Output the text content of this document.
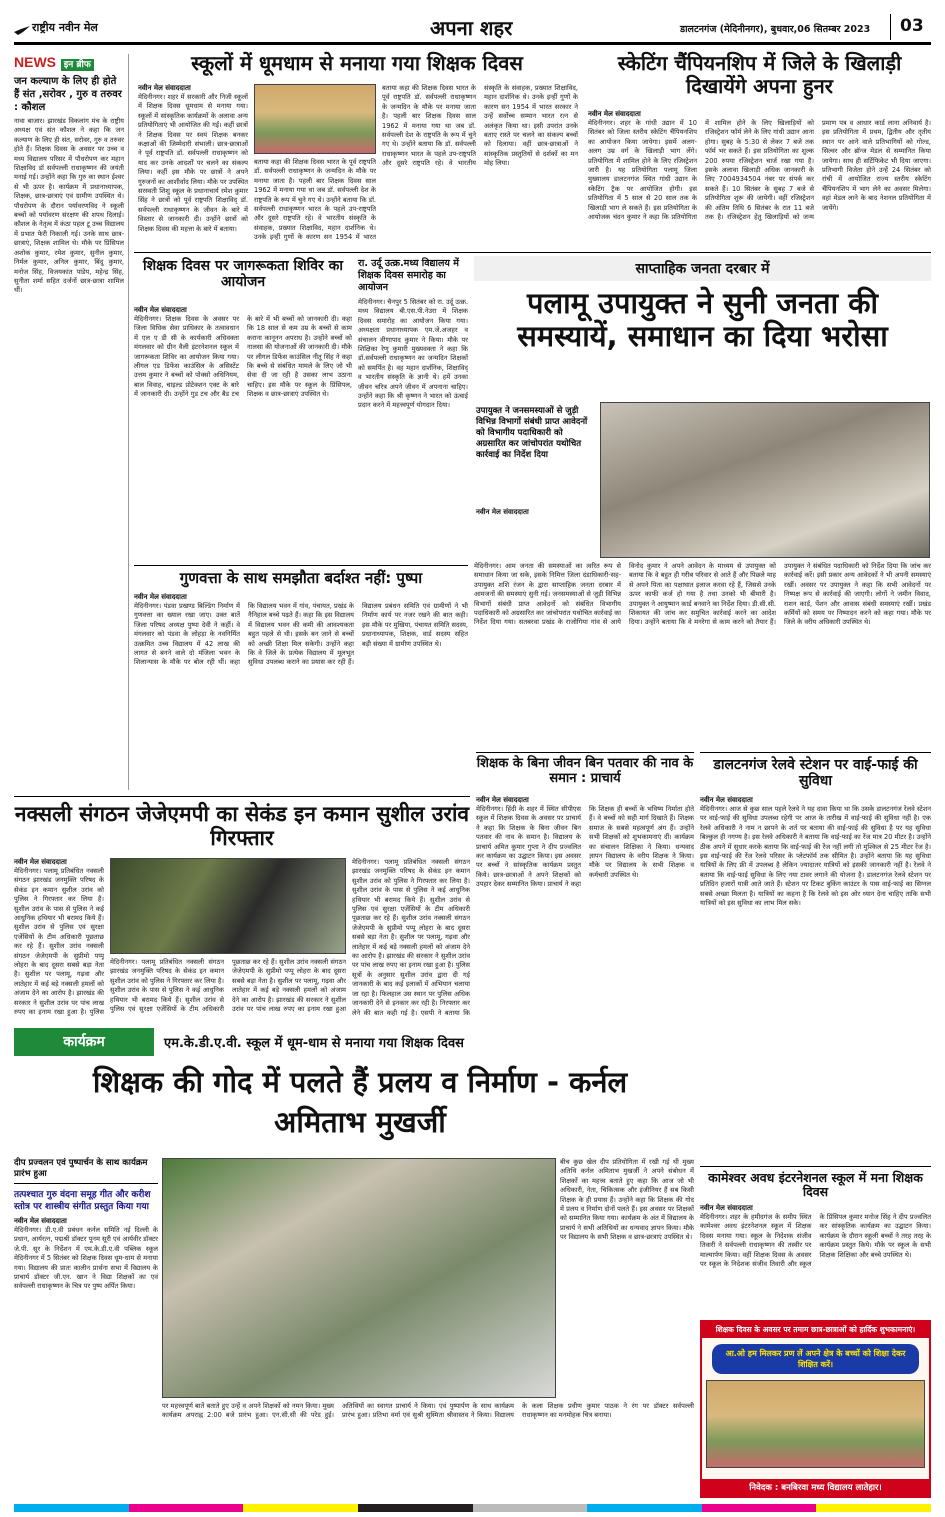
राष्ट्रीय नवीन मेल	अपना शहर	डालटनगंज (मेदिनीनगर), बुधवार,06 सितम्बर 2023 03
NEWS इन ब्रीफ
जन कल्याण के लिए ही होते हैं संत ,सरोवर , गुरु व तरुवर : कौशल
नावा बाजार। झारखंड विकलांग मंच के राष्ट्रीय अध्यक्ष एवं संत कौशल ने कहा कि जन कल्याण के लिए ही संत, सरोवर, गुरु व तरुवर होते हैं। शिक्षक दिवस के अवसर पर उच्च व मध्य विद्यालय परिसर में पौधरोपण कर महान शिक्षाविद डॉ सर्वपल्ली राधाकृष्णन की जयंती मनाई गई। उन्होंने कहा कि गुरु का स्थान ईश्वर से भी ऊपर है। कार्यक्रम में प्रधानाध्यापक, शिक्षक, छात्र-छात्राएं एवं ग्रामीण उपस्थित थे। पौधरोपण के दौरान पर्यावरणविद ने स्कूली बच्चों को पर्यावरण संरक्षण की शपथ दिलाई। कौशल के नेतृत्व में कंठा पहल टू उच्च विद्यालय में प्रभात फेरी निकाली गई। उनके साथ छात्र-छात्राएं, शिक्षक शामिल थे। मौके पर प्रिंसिपल अशोक कुमार, रमेश कुमार, सुनील कुमार, निर्मल कुमार, अनिल कुमार, बिंदु कुमार, मनोज सिंह, विजयकांत पांडेय, महेन्द्र सिंह, सुनीता शर्मा सहित दर्जनों छात्र-छात्रा शामिल थीं।
स्कूलों में धूमधाम से मनाया गया शिक्षक दिवस
नवीन मेल संवाददाता
मेदिनीनगर। शहर में सरकारी और निजी स्कूलों में शिक्षक दिवस धूमधाम से मनाया गया। स्कूलों में सांस्कृतिक कार्यक्रमों के अलावा अन्य प्रतियोगिताएं भी आयोजित की गईं। कहीं छात्रों ने शिक्षक दिवस पर स्वयं शिक्षक बनकर कक्षाओं की जिम्मेदारी संभाली। छात्र-छात्राओं ने पूर्व राष्ट्रपति डॉ. सर्वपल्ली राधाकृष्णन को याद कर उनके आदर्शों पर चलने का संकल्प लिया। कहीं इस मौके पर छात्रों ने अपने गुरुजनों का आशीर्वाद लिया। मौके पर उपस्थित सरस्वती शिशु स्कूल के प्रधानाचार्य रमेश कुमार सिंह ने छात्रों को पूर्व राष्ट्रपति शिक्षाविद् डॉ. सर्वपल्ली राधाकृष्णन के जीवन के बारे में विस्तार से जानकारी दी। उन्होंने छात्रों को शिक्षक दिवस की महत्ता के बारे में बताया।
बताया कहा की शिक्षक दिवस भारत के पूर्व राष्ट्रपति डॉ. सर्वपल्ली राधाकृष्णन के जन्मदिन के मौके पर मनाया जाता है। पहली बार शिक्षक दिवस साल 1962 में मनाया गया था जब डॉ. सर्वपल्ली देश के राष्ट्रपति के रूप में चुने गए थे। उन्होंने बताया कि डॉ. सर्वपल्ली राधाकृष्णन भारत के पहले उप-राष्ट्रपति और दूसरे राष्ट्रपति रहे। वे भारतीय संस्कृति के संवाहक, प्रख्यात शिक्षाविद, महान दार्शनिक थे। उनके इन्हीं गुणों के कारण सन 1954 में भारत
बताया कहा की शिक्षक दिवस भारत के पूर्व राष्ट्रपति डॉ. सर्वपल्ली राधाकृष्णन के जन्मदिन के मौके पर मनाया जाता है। पहली बार शिक्षक दिवस साल 1962 में मनाया गया था जब डॉ. सर्वपल्ली देश के राष्ट्रपति के रूप में चुने गए थे। उन्होंने बताया कि डॉ. सर्वपल्ली राधाकृष्णन भारत के पहले उप-राष्ट्रपति और दूसरे राष्ट्रपति रहे। वे भारतीय संस्कृति के संवाहक, प्रख्यात शिक्षाविद, महान दार्शनिक थे। उनके इन्हीं गुणों के कारण सन 1954 में भारत सरकार ने उन्हें सर्वोच्च सम्मान भारत रत्न से अलंकृत किया था। इसी उपरांत उनके बताए रास्ते पर चलने का संकल्प बच्चों को दिलाया। वहीं छात्र-छात्राओं ने सांस्कृतिक प्रस्तुतियों से दर्शकों का मन मोह लिया।
स्केटिंग चैंपियनशिप में जिले के खिलाड़ी दिखायेंगे अपना हुनर
नवीन मेल संवाददाता
मेदिनीनगर। शहर के गांधी उद्यान में 10 सितंबर को जिला स्तरीय स्केटिंग चैंपियनशिप का आयोजन किया जायेगा। इसमें अलग-अलग उम्र वर्ग के खिलाड़ी भाग लेंगे। प्रतियोगिता में शामिल होने के लिए रजिस्ट्रेशन जारी है। यह प्रतियोगिता पलामू जिला मुख्यालय डालटनगंज स्थित गांधी उद्यान के स्केटिंग ट्रैक पर आयोजित होगी। इस प्रतियोगिता में 5 साल से 20 साल तक के खिलाड़ी भाग ले सकते हैं। इस प्रतियोगिता के आयोजक चंदन कुमार ने कहा कि प्रतियोगिता में शामिल होने के लिए खिलाड़ियों को रजिस्ट्रेशन फॉर्म लेने के लिए गांधी उद्यान आना होगा। सुबह के 5:30 से लेकर 7 बजे तक फॉर्म भर सकते हैं। इस प्रतियोगिता का शुल्क 200 रुपया रजिस्ट्रेशन चार्ज रखा गया है। इसके अलावा खिलाड़ी अधिक जानकारी के लिए 7004934504 नंबर पर संपर्क कर सकते हैं। 10 सितंबर के सुबह 7 बजे से प्रतियोगिता शुरू की जायेगी। वहीं रजिस्ट्रेशन की अंतिम तिथि 6 सितंबर के रात 11 बजे तक है। रजिस्ट्रेशन हेतु खिलाड़ियों को जन्म प्रमाण पत्र व आधार कार्ड लाना अनिवार्य है। इस प्रतियोगिता में प्रथम, द्वितीय और तृतीय स्थान पर आने वाले प्रतिभागियों को गोल्ड, सिल्वर और ब्रॉन्ज मेडल से सम्मानित किया जायेगा। साथ ही सर्टिफिकेट भी दिया जाएगा। प्रतिभागी विजेता होने उन्हें 24 सितंबर को रांची में आयोजित राज्य स्तरीय स्केटिंग चैंपियनशिप में भाग लेने का अवसर मिलेगा। वहां मेडल लाने के बाद नेशनल प्रतियोगिता में जायेंगे।
शिक्षक दिवस पर जागरूकता शिविर का आयोजन
नवीन मेल संवाददाता
मेदिनीनगर। शिक्षक दिवस के अवसर पर जिला विधिक सेवा प्राधिकार के तत्वावधान में एल ए डी सी के कार्यकारी अधिवक्ता मंगलवार को ग्रीन वैली इंटरनेशनल स्कूल में जागरूकता शिविर का आयोजन किया गया। लीगल एड डिफेंस काउंसिल के असिस्टेंट उत्तम कुमार ने बच्चों को पोक्सो अधिनियम, बाल विवाह, चाइल्ड प्रोटेक्शन एक्ट के बारे में जानकारी दी। उन्होंने गुड टच और बैड टच के बारे में भी बच्चों को जानकारी दी। कहा कि 18 साल से कम उम्र के बच्चों से काम कराना कानूनन अपराध है। उन्होंने बच्चों को नालसा की योजनाओं की जानकारी दी। मौके पर लीगल डिफेंस काउंसिल नीतू सिंह ने कहा कि बच्चे से संबंधित मामले के लिए जो भी सेवा दी जा रही है उसका लाभ उठाना चाहिए। इस मौके पर स्कूल के प्रिंसिपल, शिक्षक व छात्र-छात्राएं उपस्थित थे।
रा. उर्दू उत्क्र.मध्य विद्यालय में शिक्षक दिवस समारोह का आयोजन
मेदिनीनगर। चैनपुर 5 सितंबर को रा. उर्दू उत्क्र. मध्य विद्यालय बी.एस.पी.नेउरा में शिक्षक दिवस समारोह का आयोजन किया गया। अध्यक्षता प्रधानाध्यापक एम.जे.अजहर व संचालन वीणापाद कुमार ने किया। मौके पर शिक्षिका रेणु कुमारी मुख्यवक्ता ने कहा कि डॉ.सर्वपल्ली राधाकृष्णन का जन्मदिन शिक्षकों को समर्पित है। वह महान दार्शनिक, शिक्षाविद् व भारतीय संस्कृति के ज्ञानी थे। हमें उनका जीवन चरित्र अपने जीवन में अपनाना चाहिए। उन्होंने कहा कि श्री कृष्णन ने भारत को ऊंचाई प्रदान करने में महत्त्वपूर्ण योगदान दिया।
साप्ताहिक जनता दरबार में
पलामू उपायुक्त ने सुनी जनता की समस्यायें, समाधान का दिया भरोसा
उपायुक्त ने जनसमस्याओं से जुड़ी विभिन्न विभागों संबंधी प्राप्त आवेदनों को विभागीय पदाधिकारी को अग्रसारित कर जांचोपरांत यथोचित कार्रवाई का निर्देश दिया
नवीन मेल संवाददाता
मेदिनीनगर। आम जनता की समस्याओं का त्वरित रूप से समाधान किया जा सके, इसके निमित्त जिला दंडाधिकारी-सह- उपायुक्त शशि रंजन के द्वारा साप्ताहिक जनता दरबार में आमजनों की समस्याएं सुनी गई। जनसमस्याओं से जुड़ी विभिन्न विभागों संबंधी प्राप्त आवेदनों को संबंधित विभागीय पदाधिकारी को अग्रसारित कर जांचोपरांत यथोचित कार्रवाई का निर्देश दिया गया। सतबरवा प्रखंड के राजोगिया गांव से आये विनोद कुमार ने अपने आवेदन के माध्यम से उपायुक्त को बताया कि वे बहुत ही गरीब परिवार से आते हैं और पिछले माह से अपने पिता का पक्षाघात इलाज करवा रहे हैं, जिससे उनके ऊपर काफी कर्ज हो गया है तथा उनको भी बीमारी है। उपायुक्त ने आयुष्मान कार्ड बनवाने का निर्देश दिया। डी.सी.सी. शिकायत की जांच कर समुचित कार्रवाई करने का आदेश दिया। उन्होंने बताया कि वे मनरेगा से काम करने को तैयार हैं। उपायुक्त ने संबंधित पदाधिकारी को निर्देश दिया कि जांच कर कार्रवाई करें। इसी प्रकार अन्य आवेदकों ने भी अपनी समस्याएं रखीं। अवसर पर उपायुक्त ने कहा कि सभी आवेदनों पर निष्पक्ष रूप से कार्रवाई की जाएगी। लोगों ने जमीन विवाद, राशन कार्ड, पेंशन और आवास संबंधी समस्याएं रखीं। प्रखंड कर्मियों को समय पर निष्पादन करने को कहा गया। मौके पर जिले के वरीय अधिकारी उपस्थित थे।
गुणवत्ता के साथ समझौता बर्दाश्त नहीं: पुष्पा
नवीन मेल संवाददाता
मेदिनीनगर। पंडवा प्रखण्ड बिल्डिंग निर्माण में गुणवत्ता का ख्याल रखा जाए। उक्त बातें जिला परिषद अध्यक्ष पुष्पा देवी ने कहीं। वे मंगलवार को पंडवा के लोहड़ा के नवनिर्मित उत्क्रमित उच्च विद्यालय में 42 लाख की लागत से बनने वाले दो मंजिला भवन के शिलान्यास के मौके पर बोल रही थीं। कहा कि विद्यालय भवन में गांव, पंचायत, प्रखंड के नैनिहाल बच्चे पढ़ते हैं। कहा कि इस विद्यालय में विद्यालय भवन की कमी की आवश्यकता बहुत पहले से थी। इसके बन जाने से बच्चों को अच्छी शिक्षा मिल सकेगी। उन्होंने कहा कि वे जिले के प्रत्येक विद्यालय में मूलभूत सुविधा उपलब्ध कराने का प्रयास कर रही हैं। विद्यालय प्रबंधन समिति एवं ग्रामीणों ने भी निर्माण कार्य पर नजर रखने की बात कही। इस मौके पर मुखिया, पंचायत समिति सदस्य, प्रधानाध्यापक, शिक्षक, वार्ड सदस्य सहित बड़ी संख्या में ग्रामीण उपस्थित थे।
नक्सली संगठन जेजेएमपी का सेकंड इन कमान सुशील उरांव गिरफ्तार
नवीन मेल संवाददाता
मेदिनीनगर। पलामू प्रतिबंधित नक्सली संगठन झारखंड जनमुक्ति परिषद के सेकंड इन कमान सुशील उरांव को पुलिस ने गिरफ्तार कर लिया है। सुशील उरांव के पास से पुलिस ने कई आधुनिक हथियार भी बरामद किये हैं। सुशील उरांव से पुलिस एवं सुरक्षा एजेंसियों के टीम अधिकारी पूछताछ कर रहे हैं। सुशील उरांव नक्सली संगठन जेजेएमपी के सुप्रीमो पप्पू लोहरा के बाद दूसरा सबसे बड़ा नेता है। सुशील पर पलामू, गढ़वा और लातेहार में कई बड़े नक्सली हमलों को अंजाम देने का आरोप है। झारखंड की सरकार ने सुशील उरांव पर पांच लाख रुपए का इनाम रखा हुआ है। पुलिस
मेदिनीनगर। पलामू प्रतिबंधित नक्सली संगठन झारखंड जनमुक्ति परिषद के सेकंड इन कमान सुशील उरांव को पुलिस ने गिरफ्तार कर लिया है। सुशील उरांव के पास से पुलिस ने कई आधुनिक हथियार भी बरामद किये हैं। सुशील उरांव से पुलिस एवं सुरक्षा एजेंसियों के टीम अधिकारी पूछताछ कर रहे हैं। सुशील उरांव नक्सली संगठन जेजेएमपी के सुप्रीमो पप्पू लोहरा के बाद दूसरा सबसे बड़ा नेता है। सुशील पर पलामू, गढ़वा और लातेहार में कई बड़े नक्सली हमलों को अंजाम देने का आरोप है। झारखंड की सरकार ने सुशील उरांव पर पांच लाख रुपए का इनाम रखा हुआ
मेदिनीनगर। पलामू प्रतिबंधित नक्सली संगठन झारखंड जनमुक्ति परिषद के सेकंड इन कमान सुशील उरांव को पुलिस ने गिरफ्तार कर लिया है। सुशील उरांव के पास से पुलिस ने कई आधुनिक हथियार भी बरामद किये हैं। सुशील उरांव से पुलिस एवं सुरक्षा एजेंसियों के टीम अधिकारी पूछताछ कर रहे हैं। सुशील उरांव नक्सली संगठन जेजेएमपी के सुप्रीमो पप्पू लोहरा के बाद दूसरा सबसे बड़ा नेता है। सुशील पर पलामू, गढ़वा और लातेहार में कई बड़े नक्सली हमलों को अंजाम देने का आरोप है। झारखंड की सरकार ने सुशील उरांव पर पांच लाख रुपए का इनाम रखा हुआ है। पुलिस सूत्रों के अनुसार सुशील उरांव द्वारा दी गई जानकारी के बाद कई इलाकों में अभियान चलाया जा रहा है। फिलहाल उस स्थान पर पुलिस अधिक जानकारी देने से इनकार कर रही है। निरफ्तार कर लेने की बात कही गई है। एसपी ने बताया कि
शिक्षक के बिना जीवन बिन पतवार की नाव के समान : प्राचार्य
नवीन मेल संवाददाता
मेदिनीनगर। हिंदी के शहर में स्थित सीपीएस स्कूल में शिक्षक दिवस के अवसर पर प्राचार्य ने कहा कि शिक्षक के बिना जीवन बिन पतवार की नाव के समान है। विद्यालय के प्राचार्य अमित कुमार गुप्ता ने दीप प्रज्वलित कर कार्यक्रम का उद्घाटन किया। इस अवसर पर बच्चों ने सांस्कृतिक कार्यक्रम प्रस्तुत किये। छात्र-छात्राओं ने अपने शिक्षकों को उपहार देकर सम्मानित किया। प्राचार्य ने कहा कि शिक्षक ही बच्चों के भविष्य निर्माता होते हैं। वे बच्चों को सही मार्ग दिखाते हैं। शिक्षक समाज के सबसे महत्वपूर्ण अंग हैं। उन्होंने सभी शिक्षकों को शुभकामनाएं दीं। कार्यक्रम का संचालन शिक्षिका ने किया। धन्यवाद ज्ञापन विद्यालय के वरीय शिक्षक ने किया। मौके पर विद्यालय के सभी शिक्षक व कर्मचारी उपस्थित थे।
डालटनगंज रेलवे स्टेशन पर वाई-फाई की सुविधा
नवीन मेल संवाददाता
मेदिनीनगर। आज से कुछ साल पहले रेलवे ने यह दावा किया था कि उसके डालटनगंज रेलवे स्टेशन पर वाई-फाई की सुविधा उपलब्ध रहेगी पर आज के तारीख में वाई-फाई की सुविधा नहीं है। एक रेलवे अधिकारी ने नाम न छापने के शर्त पर बताया की वाई-फाई की सुविधा है पर यह सुविधा बिल्कुल ही नगण्य है। इस रेलवे अधिकारी ने बताया कि वाई-फाई का रेंज मात्र 20 मीटर है। उन्होंने ठीक अपने में सुधार करके बताया कि वाई-फाई की रेंज नहीं लगी तो मुश्किल से 25 मीटर रेंज है। इस वाई-फाई की रेंज रेलवे परिसर के प्लेटफॉर्म तक सीमित है। उन्होंने बताया कि यह सुविधा यात्रियों के लिए फ्री में उपलब्ध है लेकिन ज्यादातर यात्रियों को इसकी जानकारी नहीं है। रेलवे ने बताया कि वाई-फाई सुविधा के लिए नया टावर लगाने की योजना है। डालटनगंज रेलवे स्टेशन पर प्रतिदिन हजारों यात्री आते जाते हैं। स्टेशन पर टिकट बुकिंग काउंटर के पास वाई-फाई का सिग्नल सबसे अच्छा मिलता है। यात्रियों का कहना है कि रेलवे को इस ओर ध्यान देना चाहिए ताकि सभी यात्रियों को इस सुविधा का लाभ मिल सके।
कार्यक्रम	एम.के.डी.ए.वी. स्कूल में धूम-धाम से मनाया गया शिक्षक दिवस
शिक्षक की गोद में पलते हैं प्रलय व निर्माण - कर्नल अमिताभ मुखर्जी
दीप प्रज्वलन एवं पुष्पार्चन के साथ कार्यक्रम प्रारंभ हुआ
तत्पश्चात गुरु वंदना समूह गीत और करीश स्तोत्र पर शास्त्रीय संगीत प्रस्तुत किया गया
नवीन मेल संवाददाता
मेदिनीनगर। डी.ए.वी प्रबंधन कर्नल समिति नई दिल्ली के प्रधान, आर्यरत्न, पद्मश्री डॉक्टर पूनम सूरी एवं आर्यवीर डॉक्टर जे.पी. सूर के निर्देशन में एम.के.डी.ए.वी पब्लिक स्कूल मेदिनीनगर में 5 सितंबर को शिक्षक दिवस धूम-धाम से मनाया गया। विद्यालय की प्रातः कालीन प्रार्थना सभा में विद्यालय के प्राचार्य डॉक्टर जी.एन. खान ने विद्या शिक्षकों का एवं सर्वपल्ली राधाकृष्णन के चित्र पर पुष्प अर्पित किया।
बीच कुछ खेल दीप प्रतियोगिता में रखी गई थी मुख्य अतिथि कर्नल अमिताभ मुखर्जी ने अपने संबोधन में शिक्षकों का महत्त्व बताते हुए कहा कि आज जो भी अधिकारी, नेता, चिकित्सक और इंजीनियर हैं सब किसी शिक्षक के ही प्रयास हैं। उन्होंने कहा कि शिक्षक की गोद में प्रलय व निर्माण दोनों पलते हैं। इस अवसर पर शिक्षकों को सम्मानित किया गया। कार्यक्रम के अंत में विद्यालय के प्राचार्य ने सभी अतिथियों का धन्यवाद ज्ञापन किया। मौके पर विद्यालय के सभी शिक्षक व छात्र-छात्राएं उपस्थित थे।
पर महत्त्वपूर्ण बातें बताते हुए उन्हें व अपने शिक्षकों को नमन किया। मुख्य कार्यक्रम अपराह्न 2:00 बजे प्रारंभ हुआ। एन.सी.सी की परेड हुई। अतिथियों का स्वागत प्राचार्य ने किया। एवं पुष्पार्पण के साथ कार्यक्रम प्रारंभ हुआ। प्रतिभा वर्मा एवं सुश्री सुस्मिता श्रीवास्तव ने किया। विद्यालय के कला शिक्षक प्रवीण कुमार पाठक ने रंग पर डॉक्टर सर्वपल्ली राधाकृष्णन का मनमोहक चित्र बनाया।
कामेश्वर अवध इंटरनेशनल स्कूल में मना शिक्षक दिवस
नवीन मेल संवाददाता
मेदिनीनगर। शहर के हमीदगंज के समीप स्थित कामेश्वर अवध इंटरनेशनल स्कूल में शिक्षक दिवस मनाया गया। स्कूल के निदेशक संजीव तिवारी ने सर्वपल्ली राधाकृष्णन की तस्वीर पर माल्यार्पण किया। वहीं शिक्षक दिवस के अवसर पर स्कूल के निदेशक संजीव तिवारी और स्कूल के प्रिंसिपल कुमार मनोज सिंह ने दीप प्रज्वलित कर सांस्कृतिक कार्यक्रम का उद्घाटन किया। कार्यक्रम के दौरान स्कूली बच्चों ने तरह तरह के कार्यक्रम प्रस्तुत किये। मौके पर स्कूल के सभी शिक्षक शिक्षिका और बच्चे उपस्थित थे।
शिक्षक दिवस के अवसर पर तमाम छात्र-छात्राओं को हार्दिक शुभकामनाएं।
आ.ओ हम मिलकर प्रण लें अपने क्षेत्र के बच्चों को शिक्षा देकर शिक्षित करें।
निवेदक : बनबिरवा मध्य विद्यालय लातेहार।
